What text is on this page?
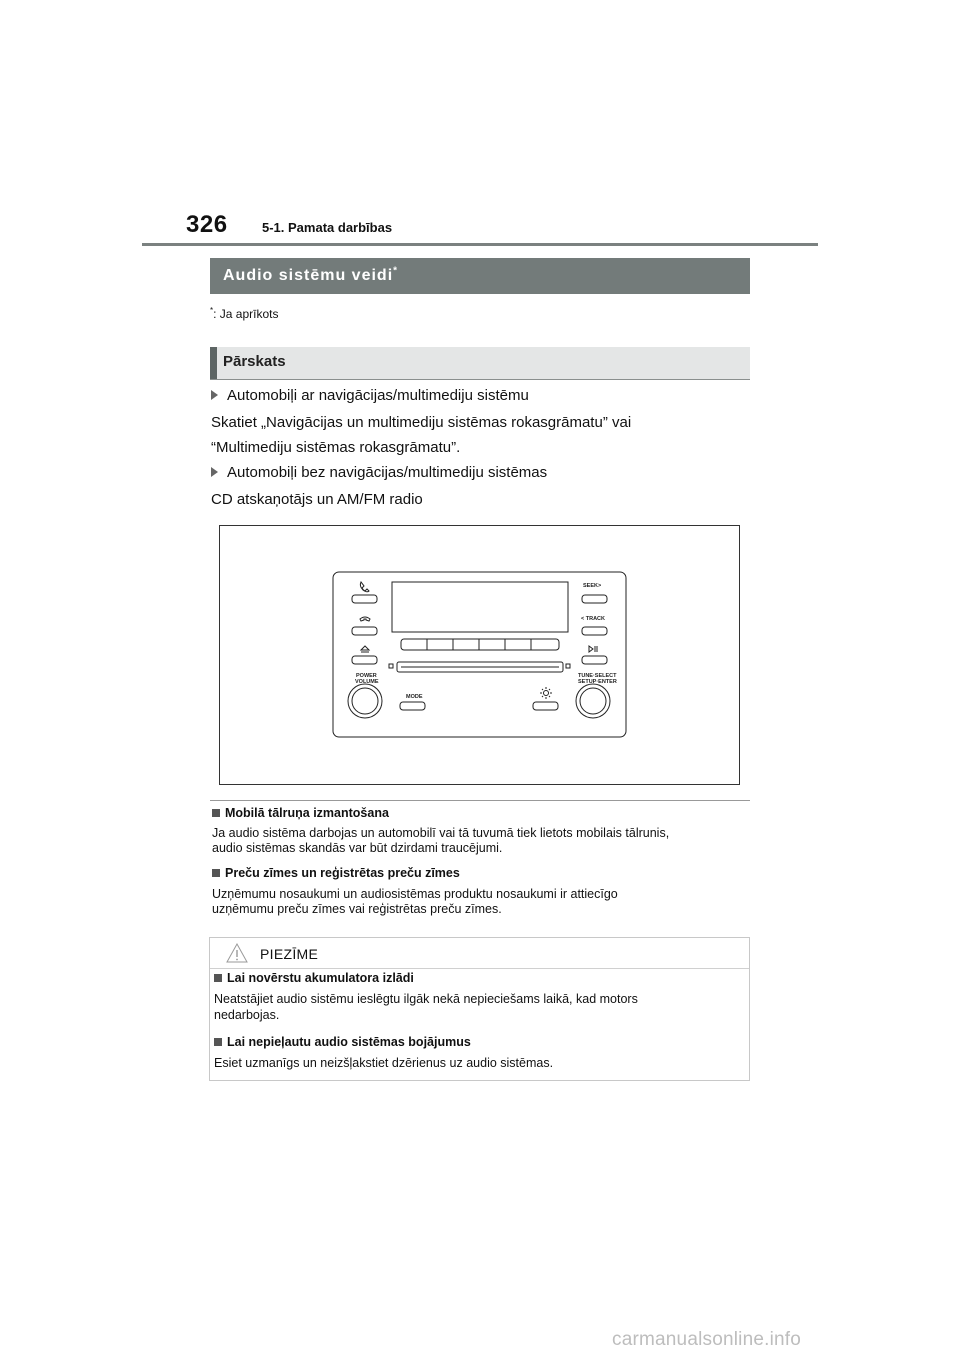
326	5-1. Pamata darbības
Audio sistēmu veidi*
*: Ja aprīkots
Pārskats
Automobiļi ar navigācijas/multimediju sistēmu
Skatiet „Navigācijas un multimediju sistēmas rokasgrāmatu” vai
“Multimediju sistēmas rokasgrāmatu”.
Automobiļi bez navigācijas/multimediju sistēmas
CD atskaņotājs un AM/FM radio
SEEK>
< TRACK
POWER
VOLUME
TUNE·SELECT
SETUP·ENTER
MODE
Mobilā tālruņa izmantošana
Ja audio sistēma darbojas un automobilī vai tā tuvumā tiek lietots mobilais tālrunis,
audio sistēmas skandās var būt dzirdami traucējumi.
Preču zīmes un reģistrētas preču zīmes
Uzņēmumu nosaukumi un audiosistēmas produktu nosaukumi ir attiecīgo
uzņēmumu preču zīmes vai reģistrētas preču zīmes.
PIEZĪME
Lai novērstu akumulatora izlādi
Neatstājiet audio sistēmu ieslēgtu ilgāk nekā nepieciešams laikā, kad motors
nedarbojas.
Lai nepieļautu audio sistēmas bojājumus
Esiet uzmanīgs un neizšļakstiet dzērienus uz audio sistēmas.
carmanualsonline.info
